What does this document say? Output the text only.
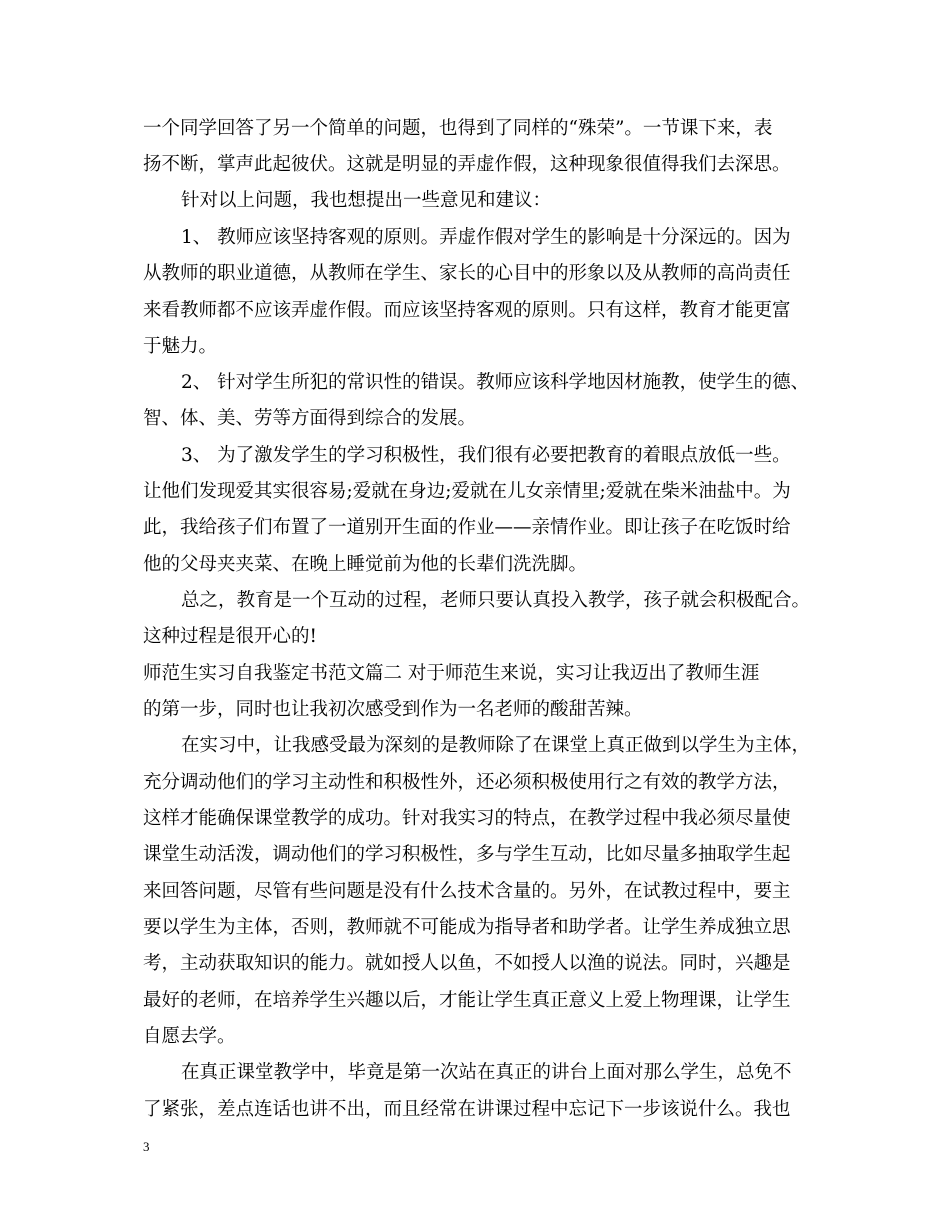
一个同学回答了另一个简单的问题，也得到了同样的“殊荣”。一节课下来，表
扬不断，掌声此起彼伏。这就是明显的弄虚作假，这种现象很值得我们去深思。
针对以上问题，我也想提出一些意见和建议：
1、 教师应该坚持客观的原则。弄虚作假对学生的影响是十分深远的。因为
从教师的职业道德，从教师在学生、家长的心目中的形象以及从教师的高尚责任
来看教师都不应该弄虚作假。而应该坚持客观的原则。只有这样，教育才能更富
于魅力。
2、 针对学生所犯的常识性的错误。教师应该科学地因材施教，使学生的德、
智、体、美、劳等方面得到综合的发展。
3、 为了激发学生的学习积极性，我们很有必要把教育的着眼点放低一些。
让他们发现爱其实很容易;爱就在身边;爱就在儿女亲情里;爱就在柴米油盐中。为
此，我给孩子们布置了一道别开生面的作业——亲情作业。即让孩子在吃饭时给
他的父母夹夹菜、在晚上睡觉前为他的长辈们洗洗脚。
总之，教育是一个互动的过程，老师只要认真投入教学，孩子就会积极配合。
这种过程是很开心的!
师范生实习自我鉴定书范文篇二 对于师范生来说，实习让我迈出了教师生涯
的第一步，同时也让我初次感受到作为一名老师的酸甜苦辣。
在实习中，让我感受最为深刻的是教师除了在课堂上真正做到以学生为主体，
充分调动他们的学习主动性和积极性外，还必须积极使用行之有效的教学方法，
这样才能确保课堂教学的成功。针对我实习的特点，在教学过程中我必须尽量使
课堂生动活泼，调动他们的学习积极性，多与学生互动，比如尽量多抽取学生起
来回答问题，尽管有些问题是没有什么技术含量的。另外，在试教过程中，要主
要以学生为主体，否则，教师就不可能成为指导者和助学者。让学生养成独立思
考，主动获取知识的能力。就如授人以鱼，不如授人以渔的说法。同时，兴趣是
最好的老师，在培养学生兴趣以后，才能让学生真正意义上爱上物理课，让学生
自愿去学。
在真正课堂教学中，毕竟是第一次站在真正的讲台上面对那么学生，总免不
了紧张，差点连话也讲不出，而且经常在讲课过程中忘记下一步该说什么。我也
3
